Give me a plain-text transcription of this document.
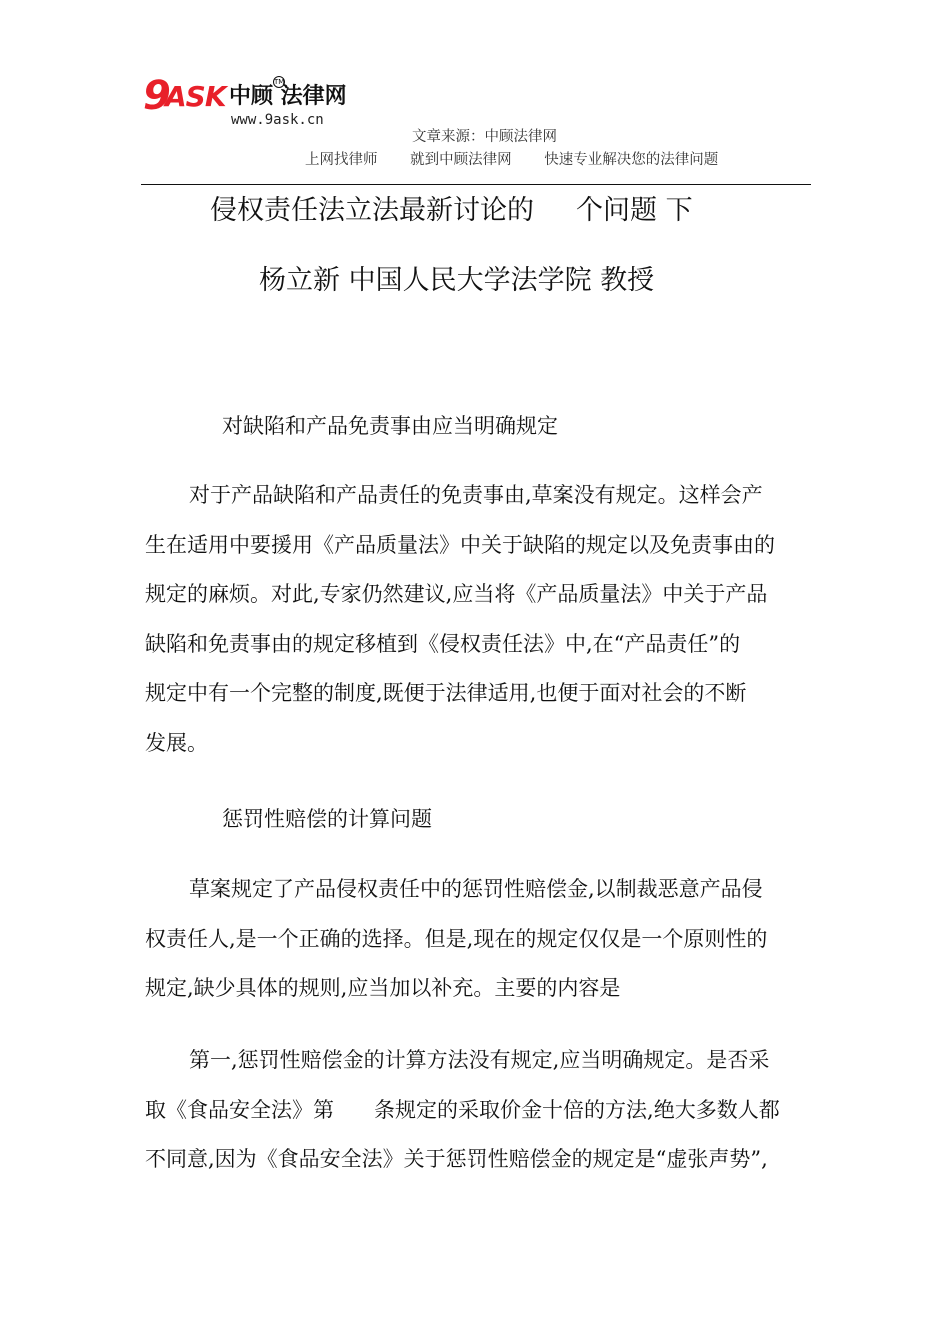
9
ASK 中顾 法律网
TM
www.9ask.cn
文章来源：中顾法律网
上网找律师 就到中顾法律网 快速专业解决您的法律问题
侵权责任法立法最新讨论的 个问题 下
杨立新 中国人民大学法学院 教授
对缺陷和产品免责事由应当明确规定
对于产品缺陷和产品责任的免责事由,草案没有规定。这样会产
生在适用中要援用《产品质量法》中关于缺陷的规定以及免责事由的
规定的麻烦。对此,专家仍然建议,应当将《产品质量法》中关于产品
缺陷和免责事由的规定移植到《侵权责任法》中,在“产品责任”的
规定中有一个完整的制度,既便于法律适用,也便于面对社会的不断
发展。
惩罚性赔偿的计算问题
草案规定了产品侵权责任中的惩罚性赔偿金,以制裁恶意产品侵
权责任人,是一个正确的选择。但是,现在的规定仅仅是一个原则性的
规定,缺少具体的规则,应当加以补充。主要的内容是
第一,惩罚性赔偿金的计算方法没有规定,应当明确规定。是否采
取《食品安全法》第      条规定的采取价金十倍的方法,绝大多数人都
不同意,因为《食品安全法》关于惩罚性赔偿金的规定是“虚张声势”,
